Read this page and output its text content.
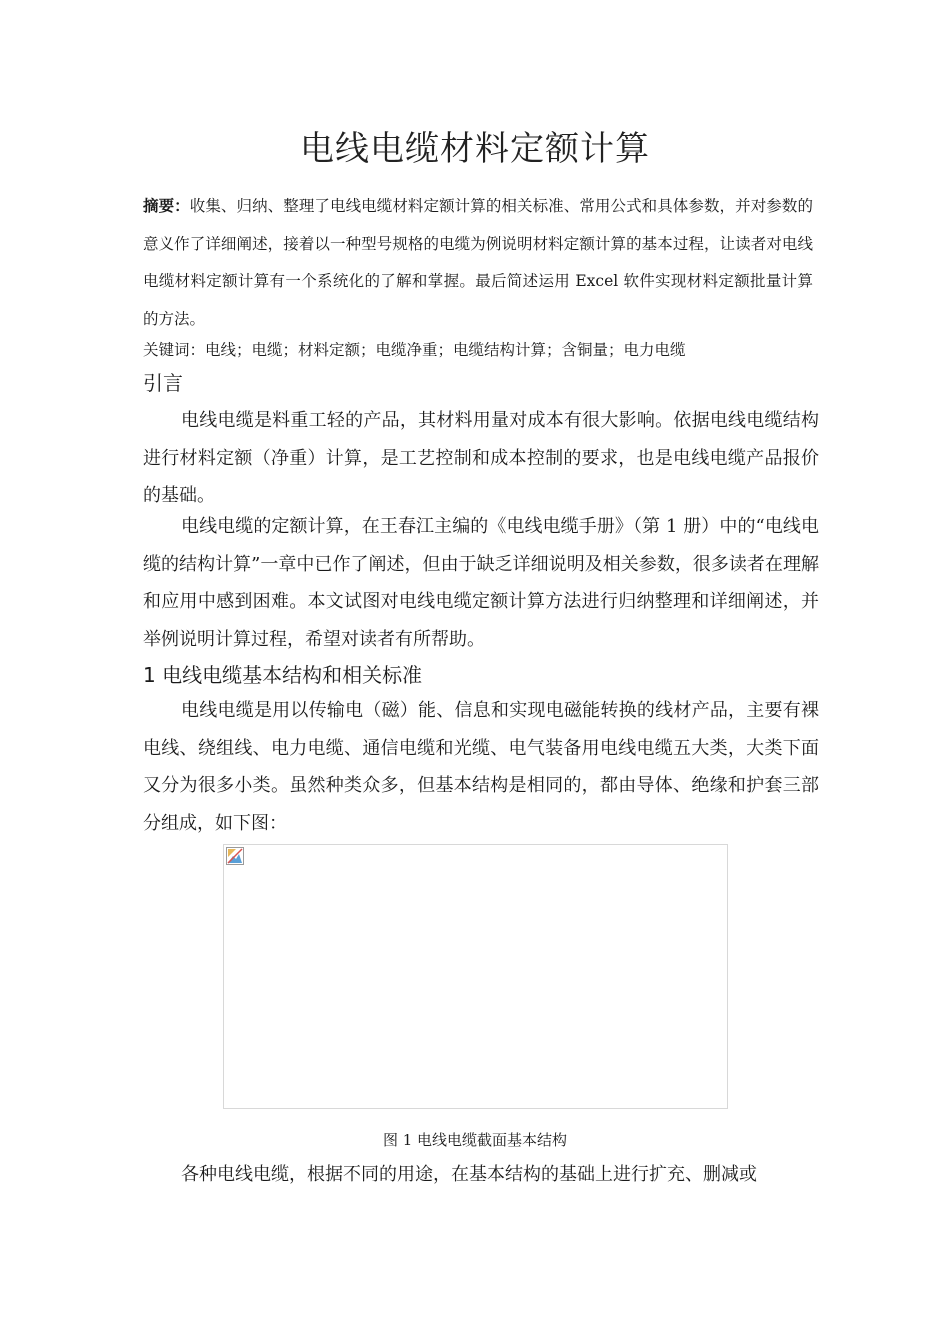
电线电缆材料定额计算
摘要：收集、归纳、整理了电线电缆材料定额计算的相关标准、常用公式和具体参数，并对参数的意义作了详细阐述，接着以一种型号规格的电缆为例说明材料定额计算的基本过程，让读者对电线电缆材料定额计算有一个系统化的了解和掌握。最后简述运用 Excel 软件实现材料定额批量计算的方法。
关键词：电线；电缆；材料定额；电缆净重；电缆结构计算；含铜量；电力电缆
引言

电线电缆是料重工轻的产品，其材料用量对成本有很大影响。依据电线电缆结构进行材料定额（净重）计算，是工艺控制和成本控制的要求，也是电线电缆产品报价的基础。

电线电缆的定额计算，在王春江主编的《电线电缆手册》（第 1 册）中的“电线电缆的结构计算”一章中已作了阐述，但由于缺乏详细说明及相关参数，很多读者在理解和应用中感到困难。本文试图对电线电缆定额计算方法进行归纳整理和详细阐述，并举例说明计算过程，希望对读者有所帮助。

1 电线电缆基本结构和相关标准

电线电缆是用以传输电（磁）能、信息和实现电磁能转换的线材产品，主要有裸电线、绕组线、电力电缆、通信电缆和光缆、电气装备用电线电缆五大类，大类下面又分为很多小类。虽然种类众多，但基本结构是相同的，都由导体、绝缘和护套三部分组成，如下图：

图 1 电线电缆截面基本结构

各种电线电缆，根据不同的用途，在基本结构的基础上进行扩充、删减或
